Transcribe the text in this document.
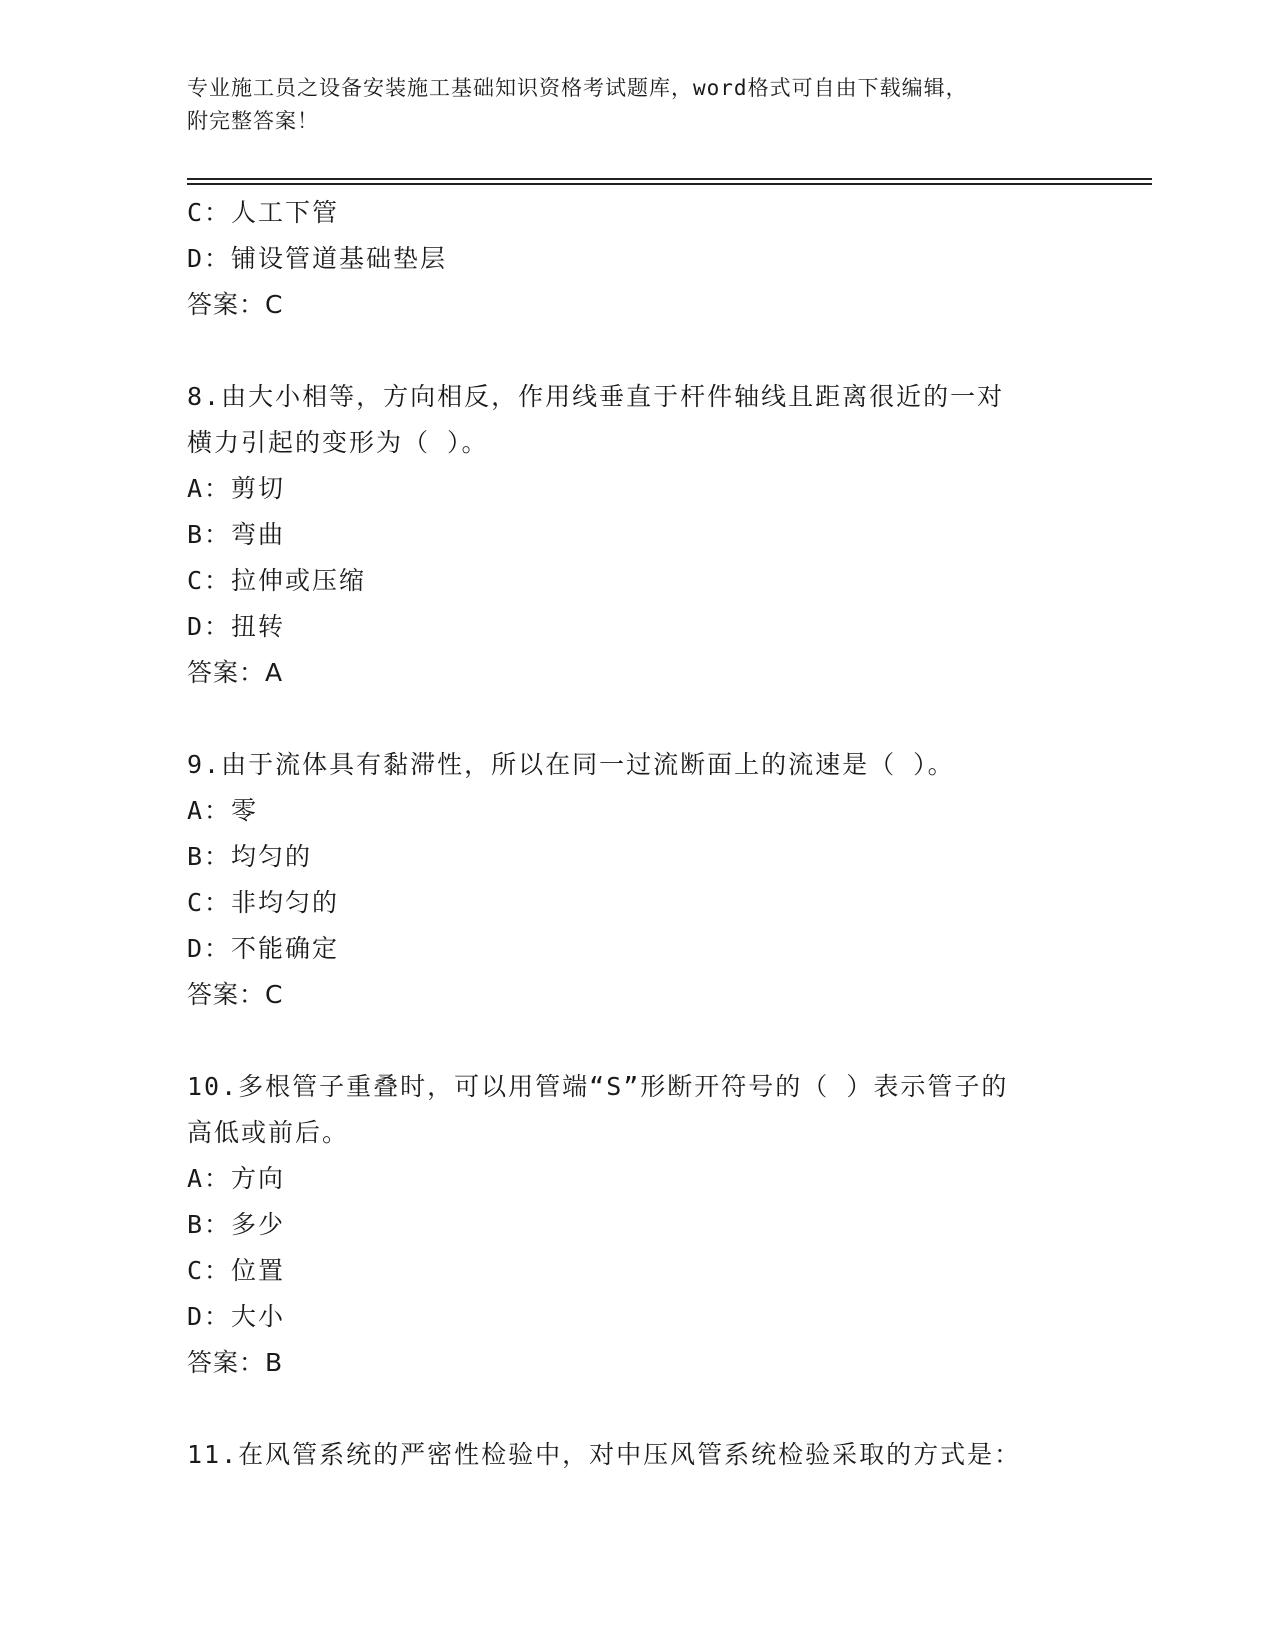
专业施工员之设备安装施工基础知识资格考试题库，word格式可自由下载编辑，
附完整答案！
C：人工下管
D：铺设管道基础垫层
答案：C
8.由大小相等，方向相反，作用线垂直于杆件轴线且距离很近的一对
横力引起的变形为（ ）。
A：剪切
B：弯曲
C：拉伸或压缩
D：扭转
答案：A
9.由于流体具有黏滞性，所以在同一过流断面上的流速是（ ）。
A：零
B：均匀的
C：非均匀的
D：不能确定
答案：C
10.多根管子重叠时，可以用管端“S”形断开符号的（ ）表示管子的
高低或前后。
A：方向
B：多少
C：位置
D：大小
答案：B
11.在风管系统的严密性检验中，对中压风管系统检验采取的方式是：
